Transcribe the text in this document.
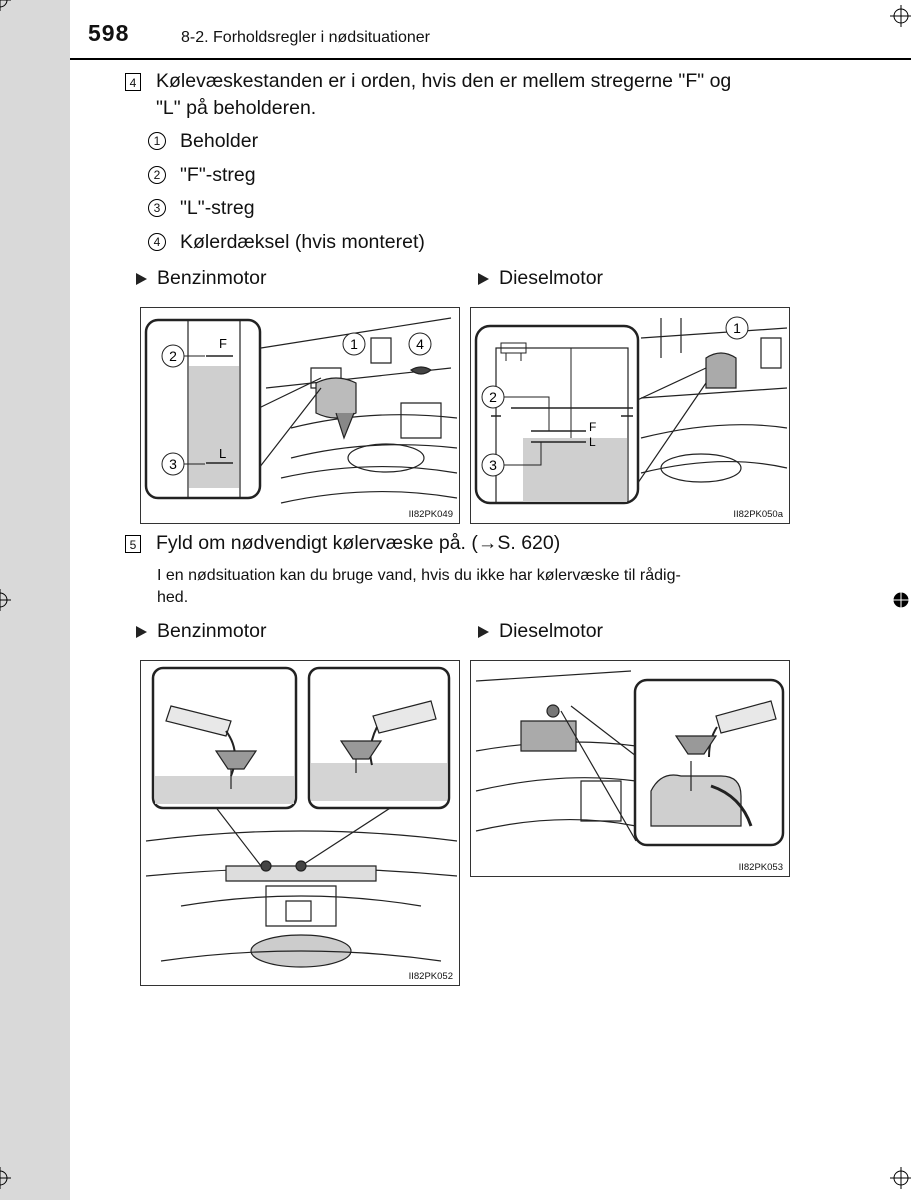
598	8-2. Forholdsregler i nødsituationer
4 Kølevæskestanden er i orden, hvis den er mellem stregerne "F" og
"L" på beholderen.
1 Beholder
2 "F"-streg
3 "L"-streg
4 Kølerdæksel (hvis monteret)
Benzinmotor	Dieselmotor
F
L
2
3
1	4
II82PK049
F
L
2
3
1
II82PK050a
5 Fyld om nødvendigt kølervæske på. (→S. 620)
I en nødsituation kan du bruge vand, hvis du ikke har kølervæske til rådig-
hed.
Benzinmotor	Dieselmotor
II82PK052
II82PK053
